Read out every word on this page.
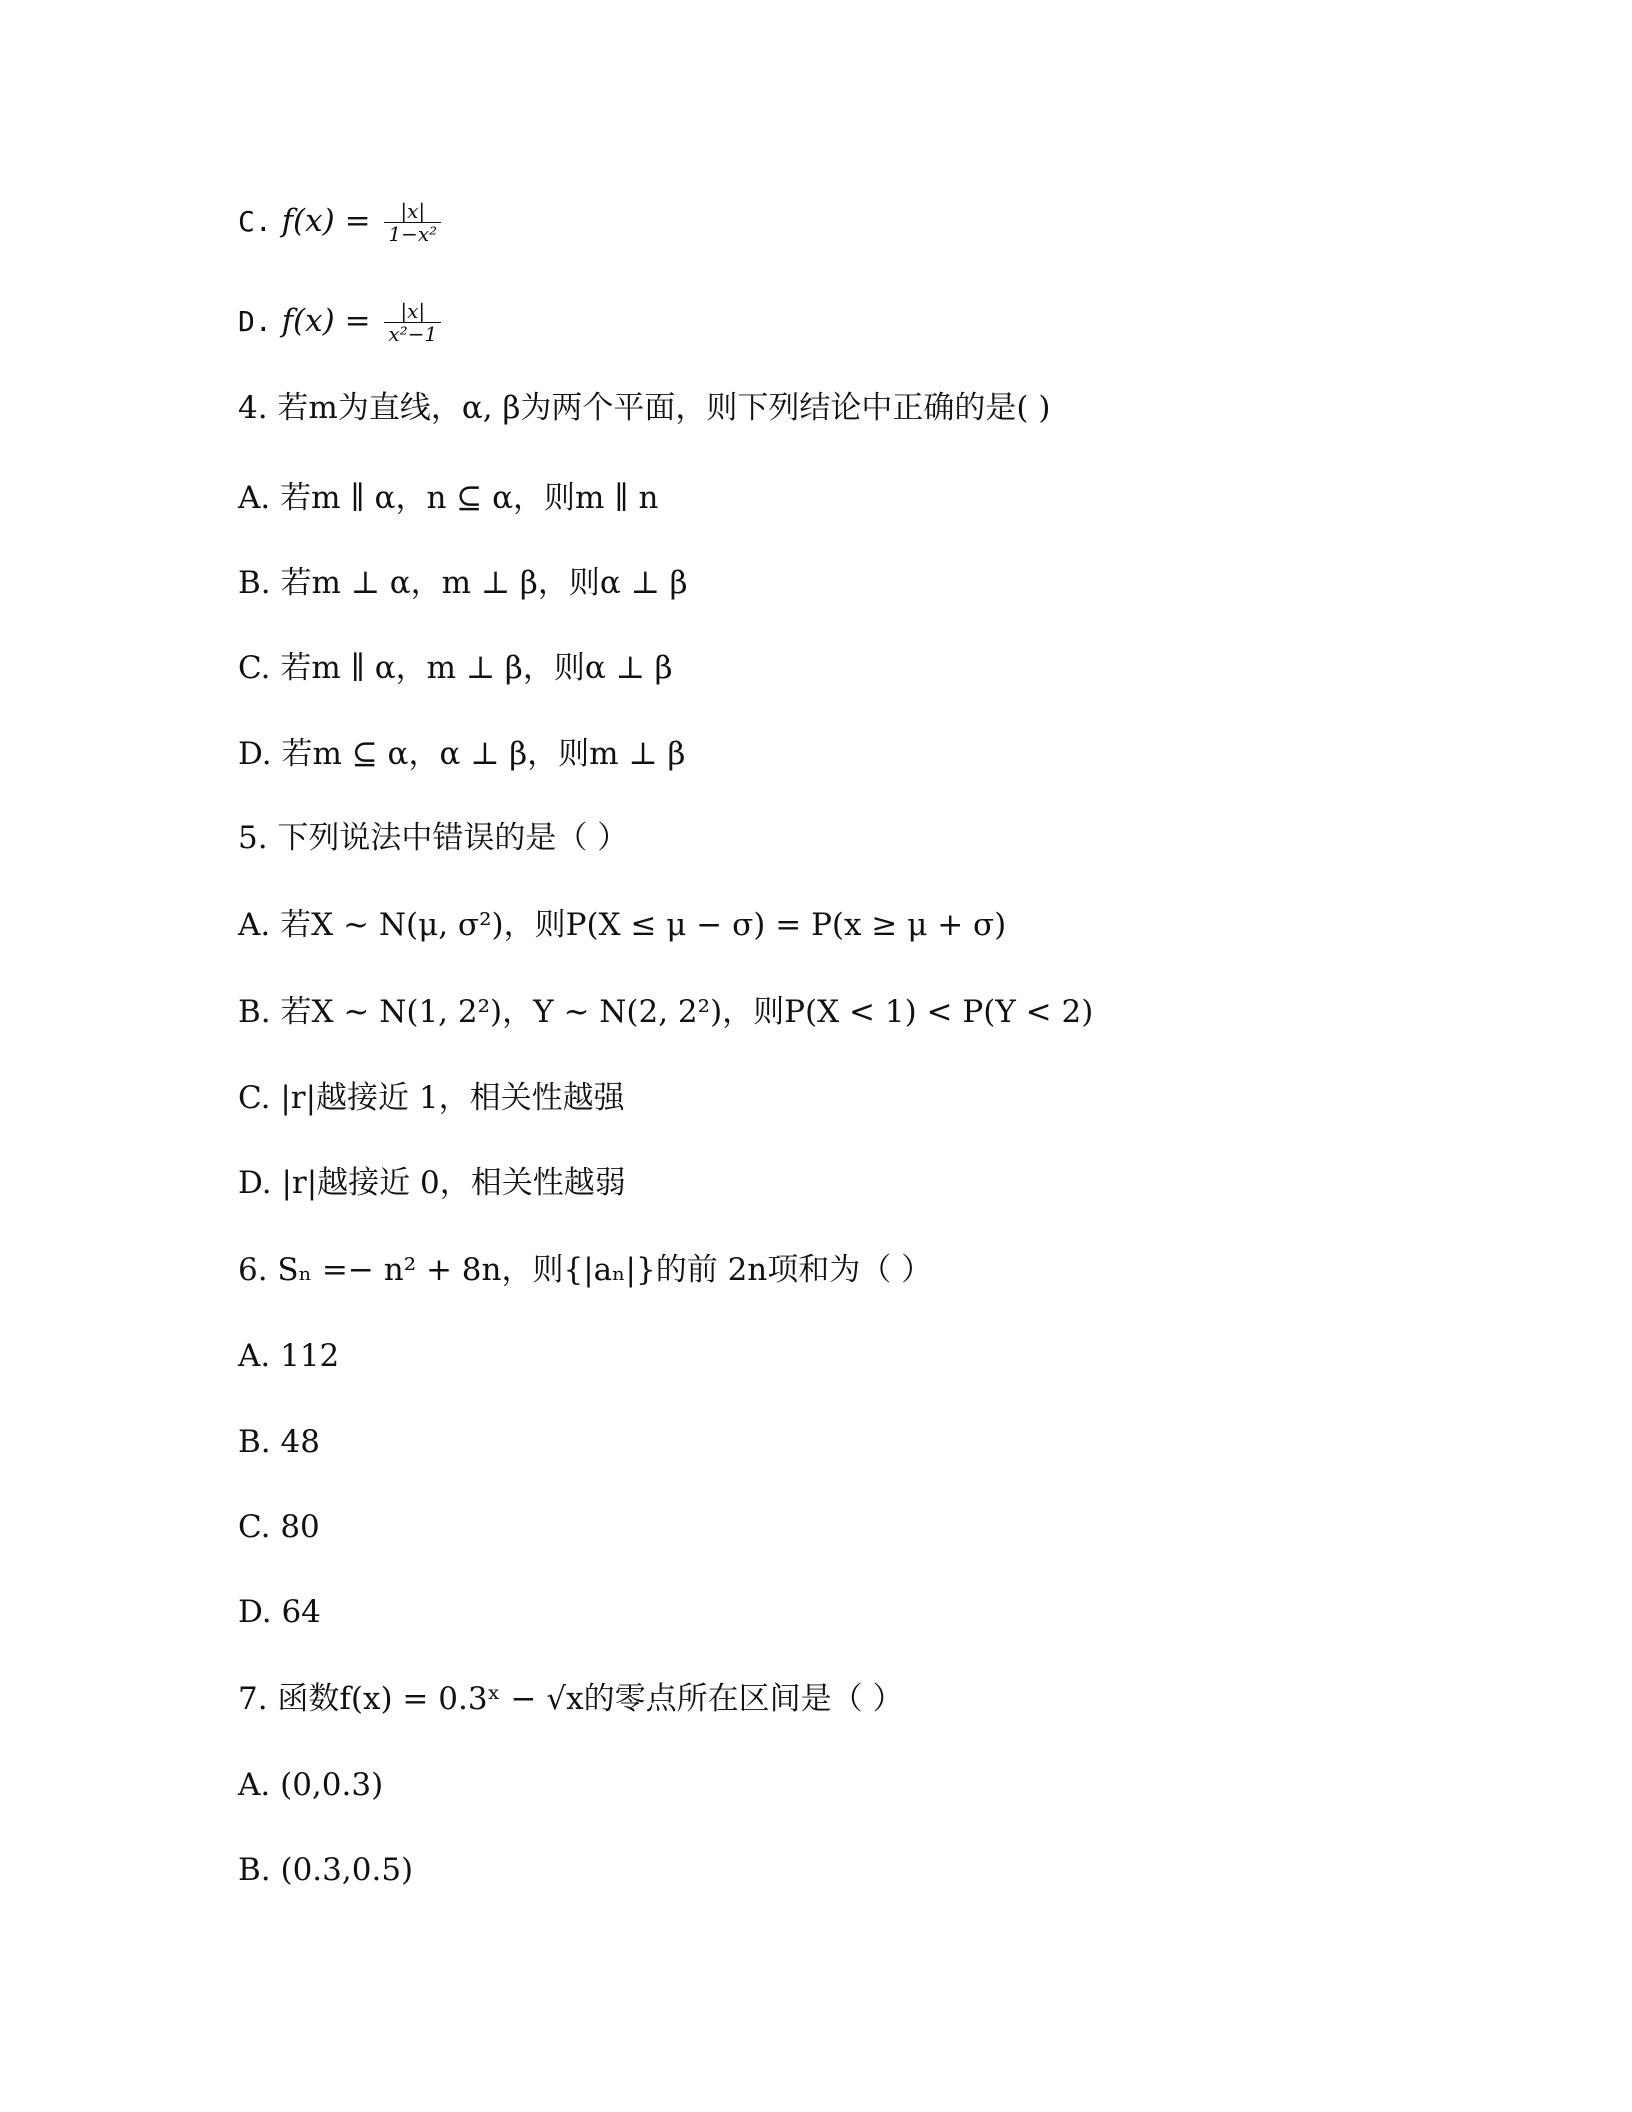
C. $f(x) = \frac{|x|}{\text{1−x²}}$
D. $f(x) = \frac{|x|}{\text{x²−1}}$
4. 若m为直线，α, β为两个平面，则下列结论中正确的是( )
A. 若m ∥ α，n ⊆ α，则m ∥ n
B. 若m ⊥ α，m ⊥ β，则α ⊥ β
C. 若m ∥ α，m ⊥ β，则α ⊥ β
D. 若m ⊆ α，α ⊥ β，则m ⊥ β
5. 下列说法中错误的是（ ）
A. 若X ~ N(μ, σ²)，则P(X ≤ μ − σ) = P(x ≥ μ + σ)
B. 若X ~ N(1, 2²)，Y ~ N(2, 2²)，则P(X < 1) < P(Y < 2)
C. |r|越接近 1，相关性越强
D. |r|越接近 0，相关性越弱
6. Sₙ =− n² + 8n，则{|aₙ|}的前 2n项和为（ ）
A. 112
B. 48
C. 80
D. 64
7. 函数f(x) = 0.3ˣ − √x的零点所在区间是（ ）
A. (0,0.3)
B. (0.3,0.5)
